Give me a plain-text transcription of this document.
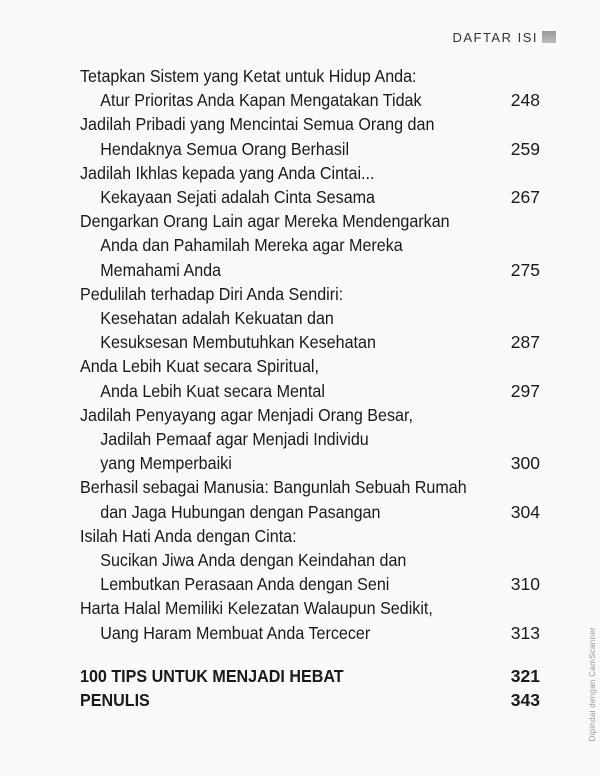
DAFTAR ISI
Tetapkan Sistem yang Ketat untuk Hidup Anda:
Atur Prioritas Anda Kapan Mengatakan Tidak	248
Jadilah Pribadi yang Mencintai Semua Orang dan
Hendaknya Semua Orang Berhasil	259
Jadilah Ikhlas kepada yang Anda Cintai...
Kekayaan Sejati adalah Cinta Sesama	267
Dengarkan Orang Lain agar Mereka Mendengarkan
Anda dan Pahamilah Mereka agar Mereka
Memahami Anda	275
Pedulilah terhadap Diri Anda Sendiri:
Kesehatan adalah Kekuatan dan
Kesuksesan Membutuhkan Kesehatan	287
Anda Lebih Kuat secara Spiritual,
Anda Lebih Kuat secara Mental	297
Jadilah Penyayang agar Menjadi Orang Besar,
Jadilah Pemaaf agar Menjadi Individu
yang Memperbaiki	300
Berhasil sebagai Manusia: Bangunlah Sebuah Rumah
dan Jaga Hubungan dengan Pasangan	304
Isilah Hati Anda dengan Cinta:
Sucikan Jiwa Anda dengan Keindahan dan
Lembutkan Perasaan Anda dengan Seni	310
Harta Halal Memiliki Kelezatan Walaupun Sedikit,
Uang Haram Membuat Anda Tercecer	313
100 TIPS UNTUK MENJADI HEBAT	321
PENULIS	343	Dipindai dengan CamScanner
